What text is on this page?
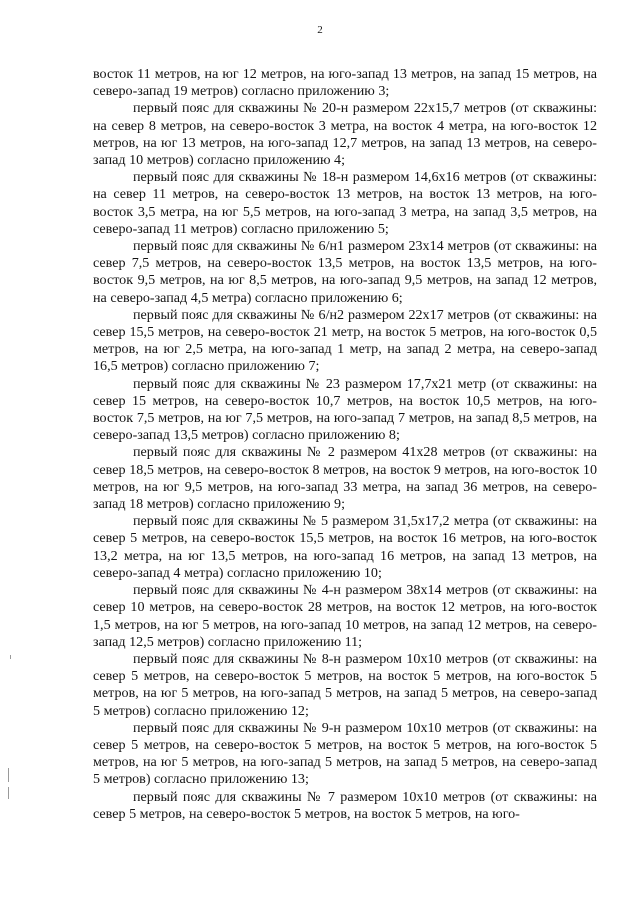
2

восток 11 метров, на юг 12 метров, на юго-запад 13 метров, на запад 15 метров, на северо-запад 19 метров) согласно приложению 3;

первый пояс для скважины № 20-н размером 22х15,7 метров (от скважины: на север 8 метров, на северо-восток 3 метра, на восток 4 метра, на юго-восток 12 метров, на юг 13 метров, на юго-запад 12,7 метров, на запад 13 метров, на северо-запад 10 метров) согласно приложению 4;

первый пояс для скважины № 18-н размером 14,6х16 метров (от скважины: на север 11 метров, на северо-восток 13 метров, на восток 13 метров, на юго-восток 3,5 метра, на юг 5,5 метров, на юго-запад 3 метра, на запад 3,5 метров, на северо-запад 11 метров) согласно приложению 5;

первый пояс для скважины № 6/н1 размером 23х14 метров (от скважины: на север 7,5 метров, на северо-восток 13,5 метров, на восток 13,5 метров, на юго-восток 9,5 метров, на юг 8,5 метров, на юго-запад 9,5 метров, на запад 12 метров, на северо-запад 4,5 метра) согласно приложению 6;

первый пояс для скважины № 6/н2 размером 22х17 метров (от скважины: на север 15,5 метров, на северо-восток 21 метр, на восток 5 метров, на юго-восток 0,5 метров, на юг 2,5 метра, на юго-запад 1 метр, на запад 2 метра, на северо-запад 16,5 метров) согласно приложению 7;

первый пояс для скважины № 23 размером 17,7х21 метр (от скважины: на север 15 метров, на северо-восток 10,7 метров, на восток 10,5 метров, на юго-восток 7,5 метров, на юг 7,5 метров, на юго-запад 7 метров, на запад 8,5 метров, на северо-запад 13,5 метров) согласно приложению 8;

первый пояс для скважины № 2 размером 41х28 метров (от скважины: на север 18,5 метров, на северо-восток 8 метров, на восток 9 метров, на юго-восток 10 метров, на юг 9,5 метров, на юго-запад 33 метра, на запад 36 метров, на северо-запад 18 метров) согласно приложению 9;

первый пояс для скважины № 5 размером 31,5х17,2 метра (от скважины: на север 5 метров, на северо-восток 15,5 метров, на восток 16 метров, на юго-восток 13,2 метра, на юг 13,5 метров, на юго-запад 16 метров, на запад 13 метров, на северо-запад 4 метра) согласно приложению 10;

первый пояс для скважины № 4-н размером 38х14 метров (от скважины: на север 10 метров, на северо-восток 28 метров, на восток 12 метров, на юго-восток 1,5 метров, на юг 5 метров, на юго-запад 10 метров, на запад 12 метров, на северо-запад 12,5 метров) согласно приложению 11;

первый пояс для скважины № 8-н размером 10х10 метров (от скважины: на север 5 метров, на северо-восток 5 метров, на восток 5 метров, на юго-восток 5 метров, на юг 5 метров, на юго-запад 5 метров, на запад 5 метров, на северо-запад 5 метров) согласно приложению 12;

первый пояс для скважины № 9-н размером 10х10 метров (от скважины: на север 5 метров, на северо-восток 5 метров, на восток 5 метров, на юго-восток 5 метров, на юг 5 метров, на юго-запад 5 метров, на запад 5 метров, на северо-запад 5 метров) согласно приложению 13;

первый пояс для скважины № 7 размером 10х10 метров (от скважины: на север 5 метров, на северо-восток 5 метров, на восток 5 метров, на юго-
